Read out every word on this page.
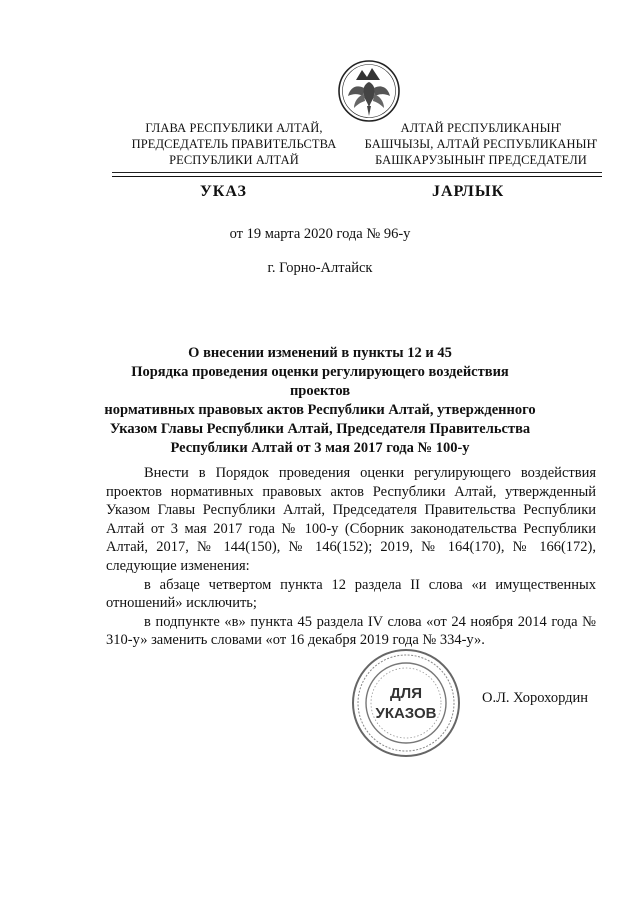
ГЛАВА РЕСПУБЛИКИ АЛТАЙ,
ПРЕДСЕДАТЕЛЬ ПРАВИТЕЛЬСТВА
РЕСПУБЛИКИ АЛТАЙ
АЛТАЙ РЕСПУБЛИКАНЫҤ
БАШЧЫЗЫ, АЛТАЙ РЕСПУБЛИКАНЫҤ
БАШКАРУЗЫНЫҤ ПРЕДСЕДАТЕЛИ
УКАЗ	ЈАРЛЫК
от 19 марта 2020 года № 96-у
г. Горно-Алтайск
О внесении изменений в пункты 12 и 45
Порядка проведения оценки регулирующего воздействия проектов
нормативных правовых актов Республики Алтай, утвержденного
Указом Главы Республики Алтай, Председателя Правительства
Республики Алтай от 3 мая 2017 года № 100-у

Внести в Порядок проведения оценки регулирующего воздействия проектов нормативных правовых актов Республики Алтай, утвержденный Указом Главы Республики Алтай, Председателя Правительства Республики Алтай от 3 мая 2017 года № 100-у (Сборник законодательства Республики Алтай, 2017, № 144(150), № 146(152); 2019, № 164(170), № 166(172), следующие изменения:

в абзаце четвертом пункта 12 раздела II слова «и имущественных отношений» исключить;

в подпункте «в» пункта 45 раздела IV слова «от 24 ноября 2014 года № 310-у» заменить словами «от 16 декабря 2019 года № 334-у».

ДЛЯ
УКАЗОВ
О.Л. Хорохордин
